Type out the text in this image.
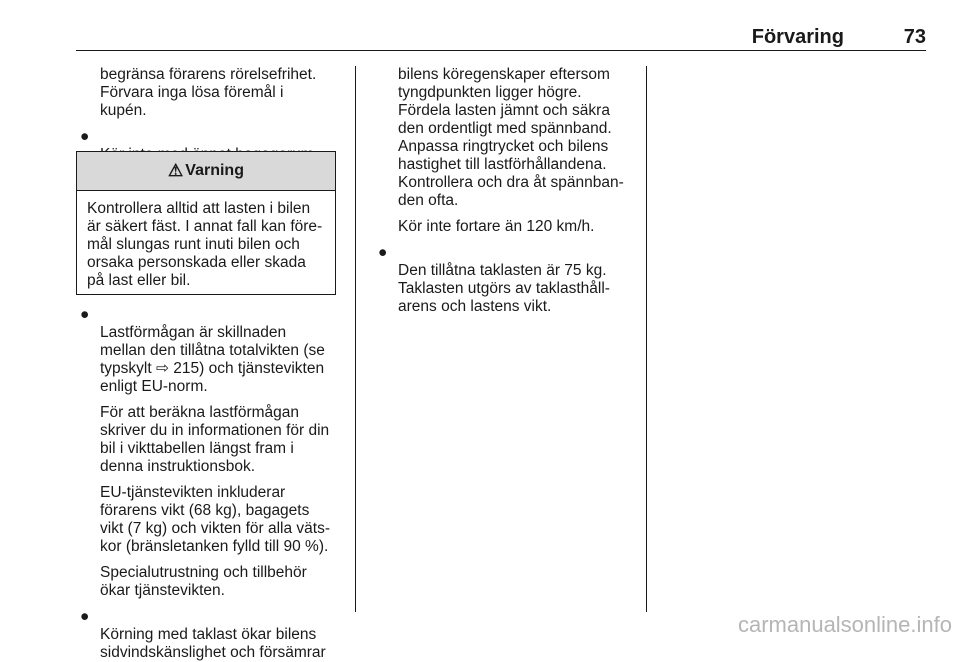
Förvaring	73

begränsa förarens rörelsefrihet.
Förvara inga lösa föremål i
kupén.

●

⚠ Varning
Kontrollera alltid att lasten i bilen
är säkert fäst. I annat fall kan före-
mål slungas runt inuti bilen och
orsaka personskada eller skada
på last eller bil.

●
Lastförmågan är skillnaden
mellan den tillåtna totalvikten (se
typskylt ⇨ 215) och tjänstevikten
enligt EU-norm.

För att beräkna lastförmågan
skriver du in informationen för din
bil i vikttabellen längst fram i
denna instruktionsbok.

EU-tjänstevikten inkluderar
förarens vikt (68 kg), bagagets
vikt (7 kg) och vikten för alla väts-
kor (bränsletanken fylld till 90 %).

Specialutrustning och tillbehör
ökar tjänstevikten.

●
Körning med taklast ökar bilens
sidvindskänslighet och försämrar

bilens köregenskaper eftersom
tyngdpunkten ligger högre.
Fördela lasten jämnt och säkra
den ordentligt med spännband.
Anpassa ringtrycket och bilens
hastighet till lastförhållandena.
Kontrollera och dra åt spännban-
den ofta.

Kör inte fortare än 120 km/h.

●
Den tillåtna taklasten är 75 kg.
Taklasten utgörs av taklasthåll-
arens och lastens vikt.

carmanualsonline.info
